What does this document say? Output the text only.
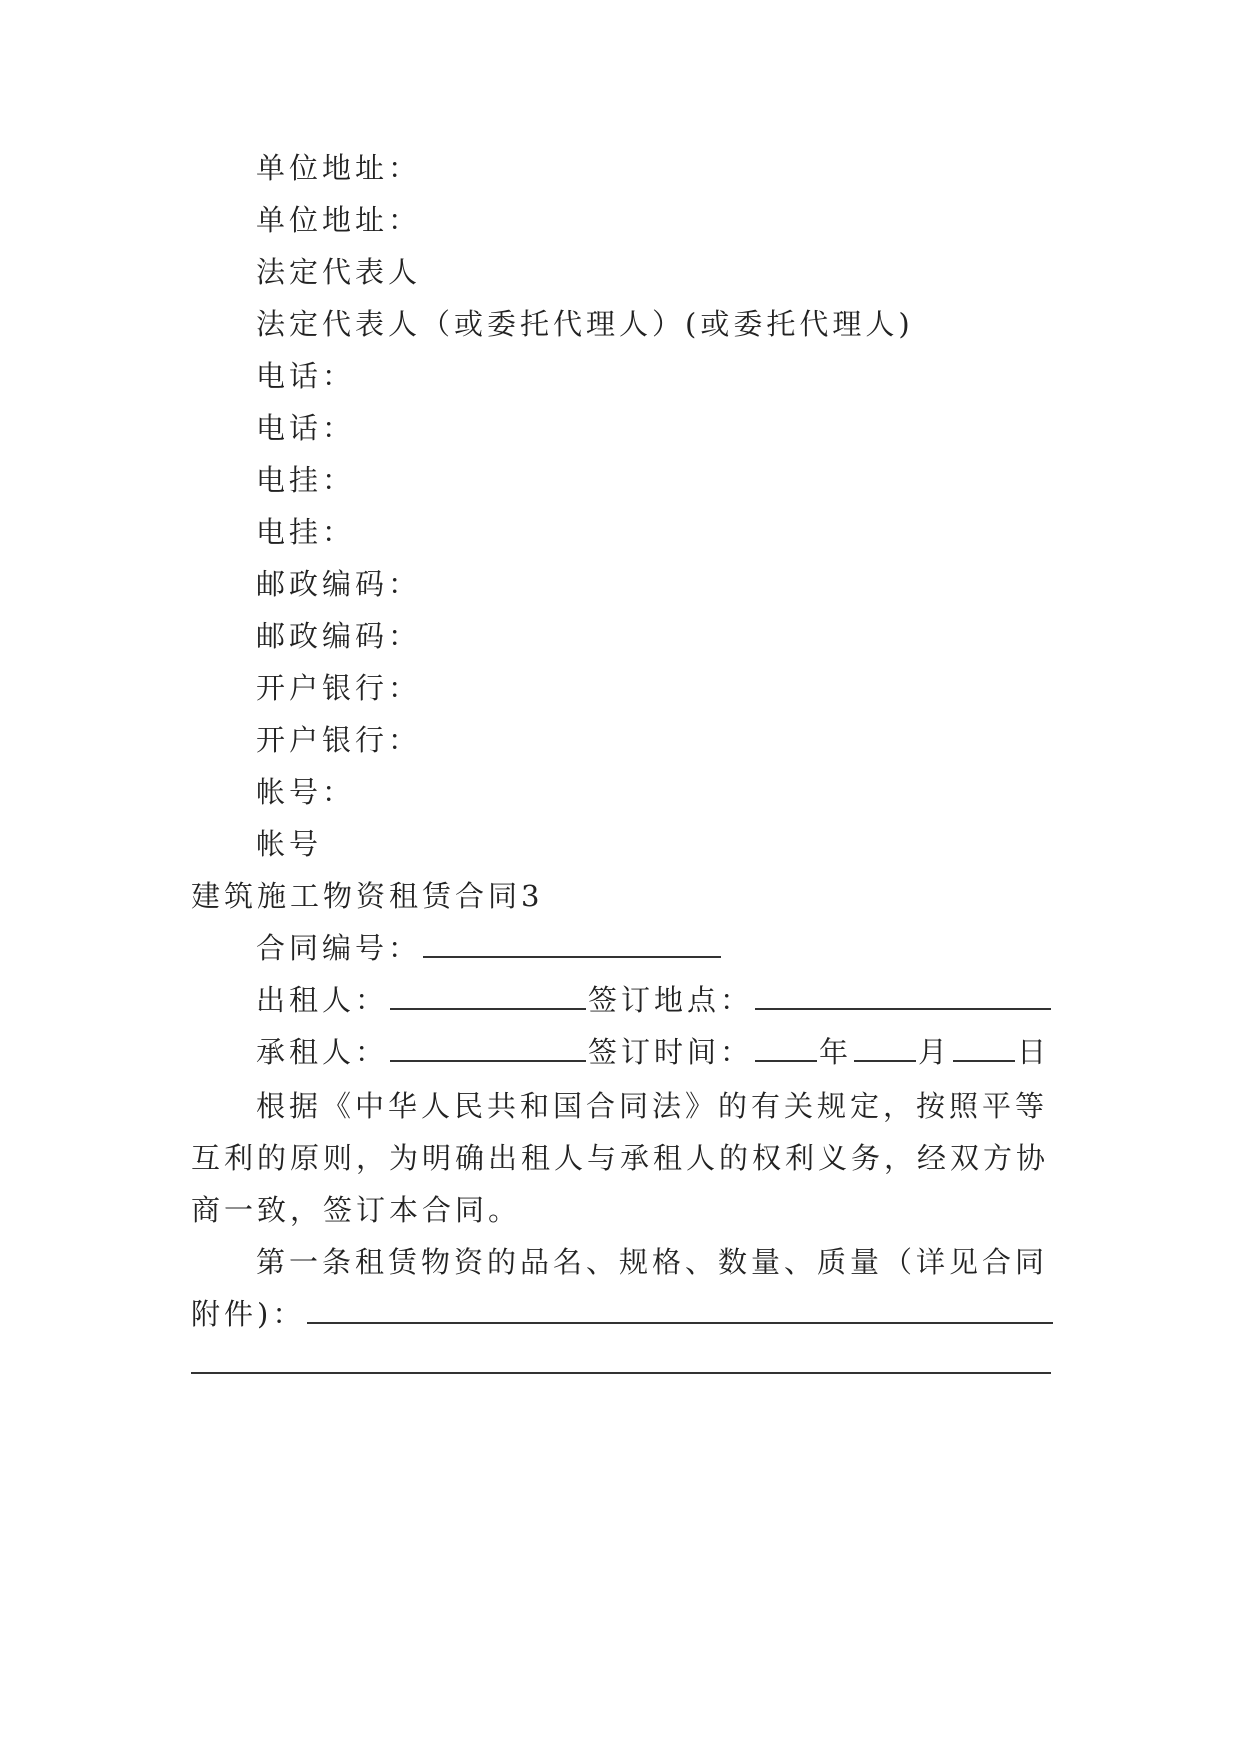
单位地址：
单位地址：
法定代表人
法定代表人（或委托代理人）(或委托代理人)
电话：
电话：
电挂：
电挂：
邮政编码：
邮政编码：
开户银行：
开户银行：
帐号：
帐号
建筑施工物资租赁合同3
合同编号：
出租人：	签订地点：
承租人：	签订时间： 年 月 日
根据《中华人民共和国合同法》的有关规定，按照平等
互利的原则，为明确出租人与承租人的权利义务，经双方协
商一致，签订本合同。
第一条租赁物资的品名、规格、数量、质量（详见合同
附件)：
